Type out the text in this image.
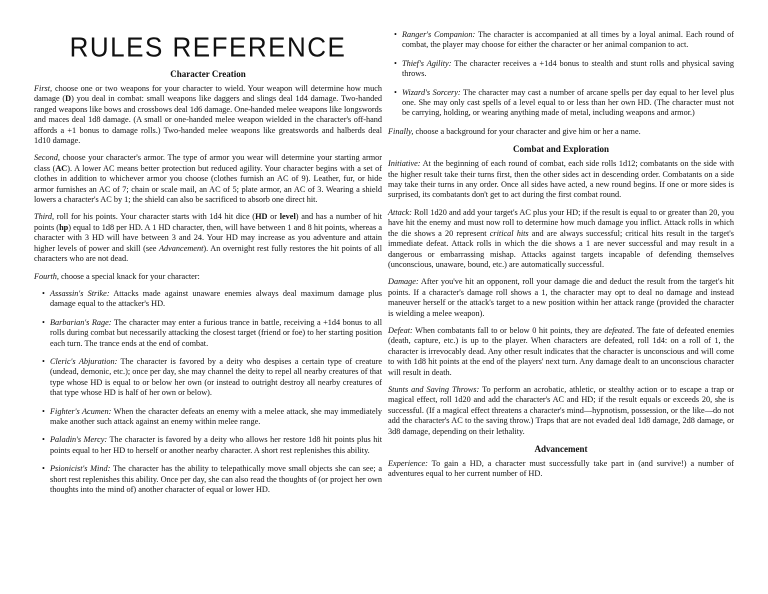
RULES REFERENCE
Character Creation

First, choose one or two weapons for your character to wield. Your weapon will determine how much damage (D) you deal in combat: small weapons like daggers and slings deal 1d4 damage. Two-handed ranged weapons like bows and crossbows deal 1d6 damage. One-handed melee weapons like longswords and maces deal 1d8 damage. (A small or one-handed melee weapon wielded in the character's off-hand affords a +1 bonus to damage rolls.) Two-handed melee weapons like greatswords and halberds deal 1d10 damage.

Second, choose your character's armor. The type of armor you wear will determine your starting armor class (AC). A lower AC means better protection but reduced agility. Your character begins with a set of clothes in addition to whichever armor you choose (clothes furnish an AC of 9). Leather, fur, or hide armor furnishes an AC of 7; chain or scale mail, an AC of 5; plate armor, an AC of 3. Wearing a shield lowers a character's AC by 1; the shield can also be sacrificed to absorb one direct hit.

Third, roll for his points. Your character starts with 1d4 hit dice (HD or level) and has a number of hit points (hp) equal to 1d8 per HD. A 1 HD character, then, will have between 1 and 8 hit points, whereas a character with 3 HD will have between 3 and 24. Your HD may increase as you adventure and attain higher levels of power and skill (see Advancement). An overnight rest fully restores the hit points of all characters who are not dead.

Fourth, choose a special knack for your character:

• Assassin's Strike: Attacks made against unaware enemies always deal maximum damage plus damage equal to the attacker's HD.
• Barbarian's Rage: The character may enter a furious trance in battle, receiving a +1d4 bonus to all rolls during combat but necessarily attacking the closest target (friend or foe) to her starting position each turn. The trance ends at the end of combat.
• Cleric's Abjuration: The character is favored by a deity who despises a certain type of creature (undead, demonic, etc.); once per day, she may channel the deity to repel all nearby creatures of that type whose HD is equal to or below her own (or instead to outright destroy all nearby creatures of that type whose HD is half of her own or below).
• Fighter's Acumen: When the character defeats an enemy with a melee attack, she may immediately make another such attack against an enemy within melee range.
• Paladin's Mercy: The character is favored by a deity who allows her restore 1d8 hit points plus hit points equal to her HD to herself or another nearby character. A short rest replenishes this ability.
• Psionicist's Mind: The character has the ability to telepathically move small objects she can see; a short rest replenishes this ability. Once per day, she can also read the thoughts of (or project her own thoughts into the mind of) another character of equal or lower HD.
• Ranger's Companion: The character is accompanied at all times by a loyal animal. Each round of combat, the player may choose for either the character or her animal companion to act.
• Thief's Agility: The character receives a +1d4 bonus to stealth and stunt rolls and physical saving throws.
• Wizard's Sorcery: The character may cast a number of arcane spells per day equal to her level plus one. She may only cast spells of a level equal to or less than her own HD. (The character must not be carrying, holding, or wearing anything made of metal, including weapons and armor.)

Finally, choose a background for your character and give him or her a name.

Combat and Exploration

Initiative: At the beginning of each round of combat, each side rolls 1d12; combatants on the side with the higher result take their turns first, then the other sides act in descending order. Combatants on a side may take their turns in any order. Once all sides have acted, a new round begins. If one or more sides is surprised, its combatants don't get to act during the first combat round.

Attack: Roll 1d20 and add your target's AC plus your HD; if the result is equal to or greater than 20, you have hit the enemy and must now roll to determine how much damage you inflict. Attack rolls in which the die shows a 20 represent critical hits and are always successful; critical hits result in the target's immediate defeat. Attack rolls in which the die shows a 1 are never successful and may result in a dangerous or embarrassing mishap. Attacks against targets incapable of defending themselves (unconscious, unaware, bound, etc.) are automatically successful.

Damage: After you've hit an opponent, roll your damage die and deduct the result from the target's hit points. If a character's damage roll shows a 1, the character may opt to deal no damage and instead maneuver herself or the attack's target to a new position within her attack range (provided the character is wielding a melee weapon).

Defeat: When combatants fall to or below 0 hit points, they are defeated. The fate of defeated enemies (death, capture, etc.) is up to the player. When characters are defeated, roll 1d4: on a roll of 1, the character is irrevocably dead. Any other result indicates that the character is unconscious and will come to with 1d8 hit points at the end of the players' next turn. Any damage dealt to an unconscious character will result in death.

Stunts and Saving Throws: To perform an acrobatic, athletic, or stealthy action or to escape a trap or magical effect, roll 1d20 and add the character's AC and HD; if the result equals or exceeds 20, she is successful. (If a magical effect threatens a character's mind—hypnotism, possession, or the like—do not add the character's AC to the saving throw.) Traps that are not evaded deal 1d8 damage, 2d8 damage, or 3d8 damage, depending on their lethality.

Advancement

Experience: To gain a HD, a character must successfully take part in (and survive!) a number of adventures equal to her current number of HD.
